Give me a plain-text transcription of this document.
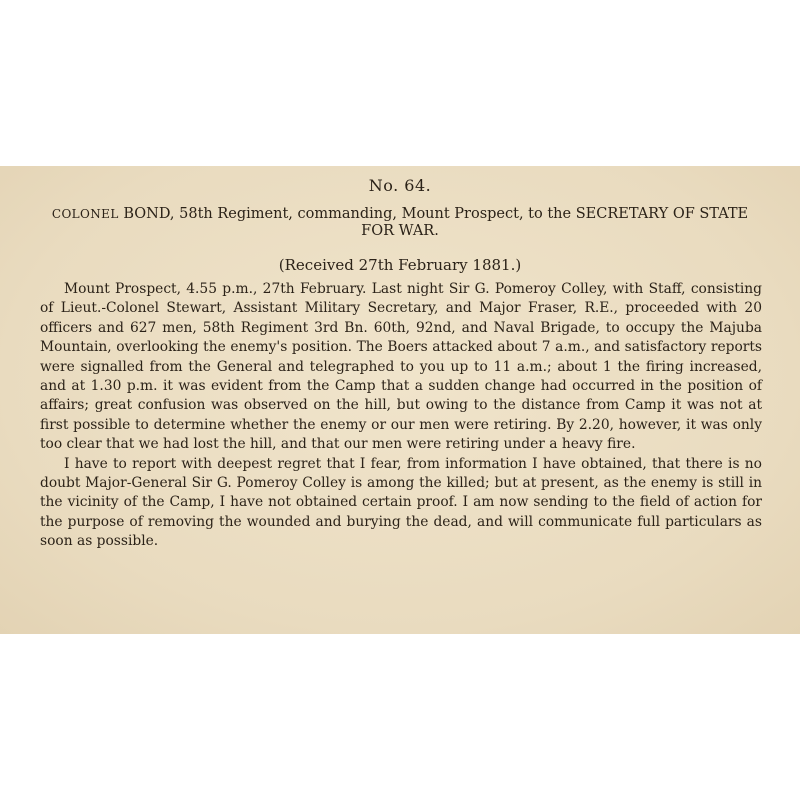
No. 64.
COLONEL BOND, 58th Regiment, commanding, Mount Prospect, to the SECRETARY OF STATE FOR WAR.
(Received 27th February 1881.)

Mount Prospect, 4.55 p.m., 27th February. Last night Sir G. Pomeroy Colley, with Staff, consisting of Lieut.-Colonel Stewart, Assistant Military Secretary, and Major Fraser, R.E., proceeded with 20 officers and 627 men, 58th Regiment 3rd Bn. 60th, 92nd, and Naval Brigade, to occupy the Majuba Mountain, overlooking the enemy's position. The Boers attacked about 7 a.m., and satisfactory reports were signalled from the General and telegraphed to you up to 11 a.m.; about 1 the firing increased, and at 1.30 p.m. it was evident from the Camp that a sudden change had occurred in the position of affairs; great confusion was observed on the hill, but owing to the distance from Camp it was not at first possible to determine whether the enemy or our men were retiring. By 2.20, however, it was only too clear that we had lost the hill, and that our men were retiring under a heavy fire.

I have to report with deepest regret that I fear, from information I have obtained, that there is no doubt Major-General Sir G. Pomeroy Colley is among the killed; but at present, as the enemy is still in the vicinity of the Camp, I have not obtained certain proof. I am now sending to the field of action for the purpose of removing the wounded and burying the dead, and will communicate full particulars as soon as possible.
